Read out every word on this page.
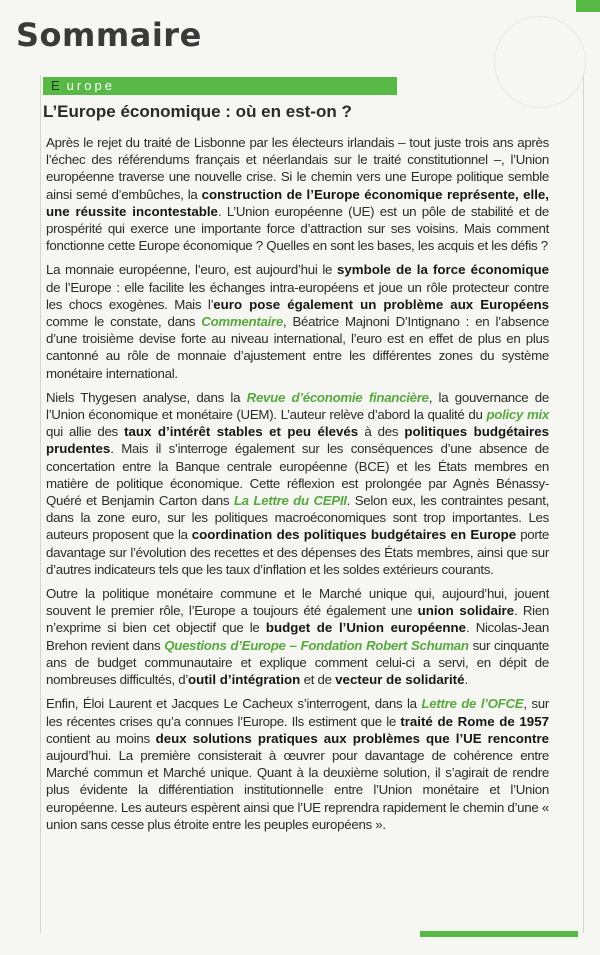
Sommaire
E urope
L’Europe économique : où en est-on ?

Après le rejet du traité de Lisbonne par les électeurs irlandais – tout juste trois ans après l’échec des référendums français et néerlandais sur le traité constitutionnel –, l’Union européenne traverse une nouvelle crise. Si le chemin vers une Europe politique semble ainsi semé d’embûches, la construction de l’Europe économique représente, elle, une réussite incontestable. L’Union européenne (UE) est un pôle de stabilité et de prospérité qui exerce une importante force d’attraction sur ses voisins. Mais comment fonctionne cette Europe économique ? Quelles en sont les bases, les acquis et les défis ?

La monnaie européenne, l’euro, est aujourd’hui le symbole de la force économique de l’Europe : elle facilite les échanges intra-européens et joue un rôle protecteur contre les chocs exogènes. Mais l’euro pose également un problème aux Européens comme le constate, dans Commentaire, Béatrice Majnoni D’Intignano : en l’absence d’une troisième devise forte au niveau international, l’euro est en effet de plus en plus cantonné au rôle de monnaie d’ajustement entre les différentes zones du système monétaire international.

Niels Thygesen analyse, dans la Revue d’économie financière, la gouvernance de l’Union économique et monétaire (UEM). L’auteur relève d’abord la qualité du policy mix qui allie des taux d’intérêt stables et peu élevés à des politiques budgétaires prudentes. Mais il s’interroge également sur les conséquences d’une absence de concertation entre la Banque centrale européenne (BCE) et les États membres en matière de politique économique. Cette réflexion est prolongée par Agnès Bénassy-Quéré et Benjamin Carton dans La Lettre du CEPII. Selon eux, les contraintes pesant, dans la zone euro, sur les politiques macroéconomiques sont trop importantes. Les auteurs proposent que la coordination des politiques budgétaires en Europe porte davantage sur l’évolution des recettes et des dépenses des États membres, ainsi que sur d’autres indicateurs tels que les taux d’inflation et les soldes extérieurs courants.

Outre la politique monétaire commune et le Marché unique qui, aujourd’hui, jouent souvent le premier rôle, l’Europe a toujours été également une union solidaire. Rien n’exprime si bien cet objectif que le budget de l’Union européenne. Nicolas-Jean Brehon revient dans Questions d’Europe – Fondation Robert Schuman sur cinquante ans de budget communautaire et explique comment celui-ci a servi, en dépit de nombreuses difficultés, d’outil d’intégration et de vecteur de solidarité.

Enfin, Éloi Laurent et Jacques Le Cacheux s’interrogent, dans la Lettre de l’OFCE, sur les récentes crises qu’a connues l’Europe. Ils estiment que le traité de Rome de 1957 contient au moins deux solutions pratiques aux problèmes que l’UE rencontre aujourd’hui. La première consisterait à œuvrer pour davantage de cohérence entre Marché commun et Marché unique. Quant à la deuxième solution, il s’agirait de rendre plus évidente la différentiation institutionnelle entre l’Union monétaire et l’Union européenne. Les auteurs espèrent ainsi que l’UE reprendra rapidement le chemin d’une « union sans cesse plus étroite entre les peuples européens ».
